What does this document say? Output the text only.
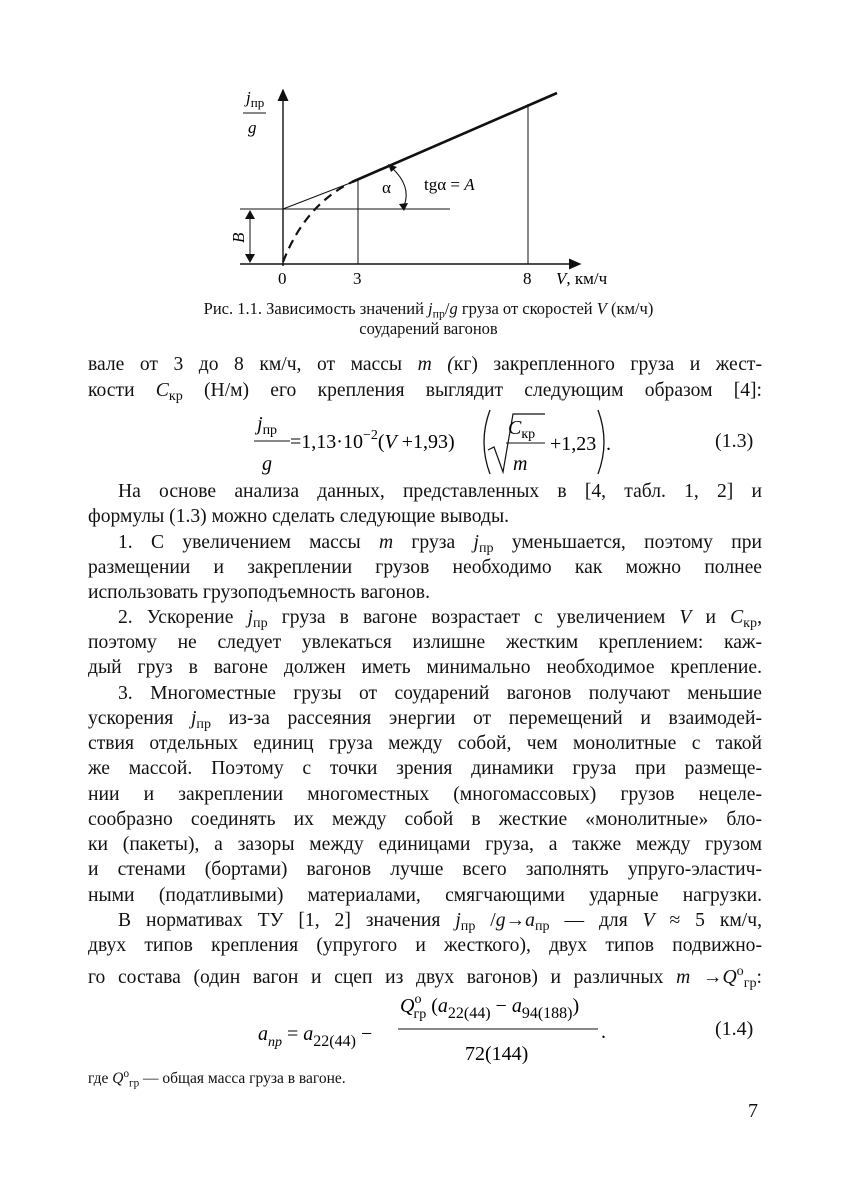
$j_{пр}$
g
B
α tgα = A
0	3	8 V, км/ч
Рис. 1.1. Зависимость значений $j_{пр}/g$ груза от скоростей V (км/ч)
соударений вагонов
вале от 3 до 8 км/ч, от массы m (кг) закрепленного груза и жест-
кости $C_{кр}$ (Н/м) его крепления выглядит следующим образом [4]:
На основе анализа данных, представленных в [4, табл. 1, 2] и
формулы (1.3) можно сделать следующие выводы.
1. С увеличением массы m груза $j_{пр}$ уменьшается, поэтому при
размещении и закреплении грузов необходимо как можно полнее
использовать грузоподъемность вагонов.
2. Ускорение $j_{пр}$ груза в вагоне возрастает с увеличением V и $C_{кр}$,
поэтому не следует увлекаться излишне жестким креплением: каж-
дый груз в вагоне должен иметь минимально необходимое крепление.
3. Многоместные грузы от соударений вагонов получают меньшие
ускорения $j_{пр}$ из-за рассеяния энергии от перемещений и взаимодей-
ствия отдельных единиц груза между собой, чем монолитные с такой
же массой. Поэтому с точки зрения динамики груза при размеще-
нии и закреплении многоместных (многомассовых) грузов нецеле-
сообразно соединять их между собой в жесткие «монолитные» бло-
ки (пакеты), а зазоры между единицами груза, а также между грузом
и стенами (бортами) вагонов лучше всего заполнять упруго-эластич-
ными (податливыми) материалами, смягчающими ударные нагрузки.
В нормативах ТУ [1, 2] значения $j_{пр}$ $/g\to a_{пр}$ — для V ≈ 5 км/ч,
двух типов крепления (упругого и жесткого), двух типов подвижно-
го состава (один вагон и сцеп из двух вагонов) и различных $m \to Q^о_{гр}$:
$j_{пр}$
g
$=1,13\cdot 10^{-2}(V +1,93)$
$C_{кр}$
m
+1,23 .	(1.3)
$a_{np} = a_{22(44)}$ −
$Q^о$ гр $(a_{22(44)} - a_{94(188)})$
72(144)
.	(1.4)
где $Q^о_{гр}$ — общая масса груза в вагоне.
7
